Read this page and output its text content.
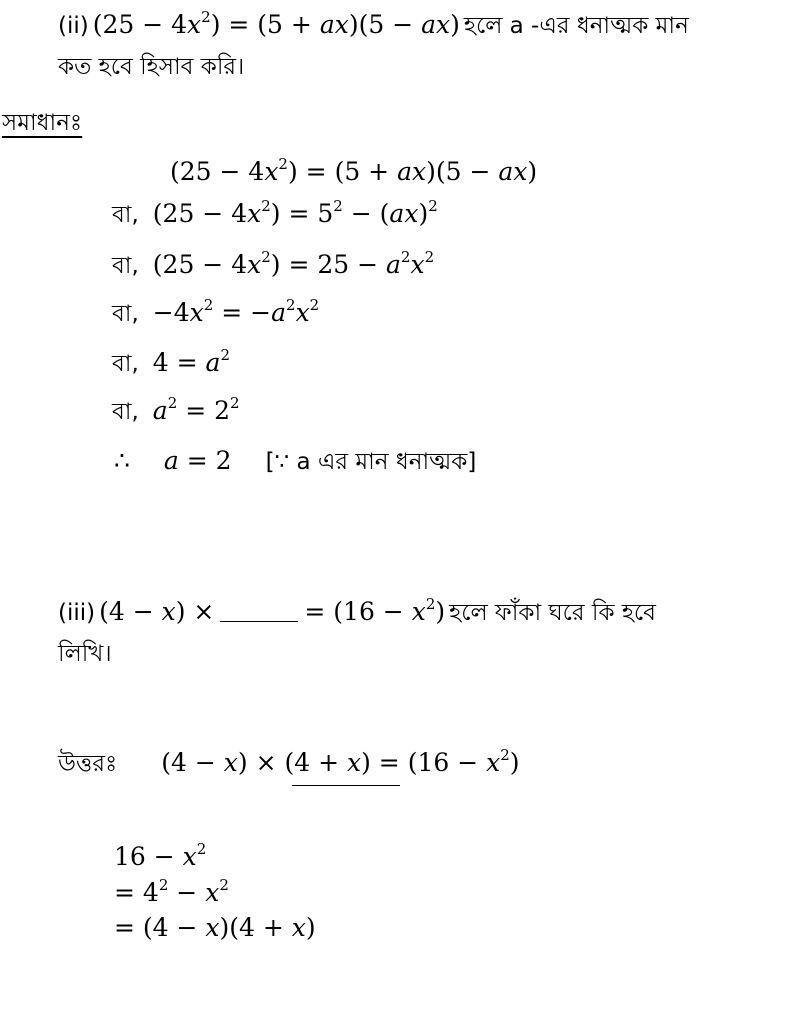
(ii) $(25 - 4x^2) = (5 + ax)(5 - ax)$ হলে a -এর ধনাত্মক মান
কত হবে হিসাব করি।
সমাধানঃ
$(25 - 4x^2) = (5 + ax)(5 - ax)$
বা, $(25 - 4x^2) = 5^2 - (ax)^2$
বা, $(25 - 4x^2) = 25 - a^2x^2$
বা, $-4x^2 = -a^2x^2$
বা, $4 = a^2$
বা, $a^2 = 2^2$
∴ a = 2 [∵ a এর মান ধনাত্মক]
(iii) (4 − x) ×	= $(16 - x^2)$ হলে ফাঁকা ঘরে কি হবে
লিখি।
উত্তরঃ $(4 - x) \times (4 + x) = (16 - x^2)$
$16 - x^2$
= $4^2 - x^2$
= (4 − x)(4 + x)
